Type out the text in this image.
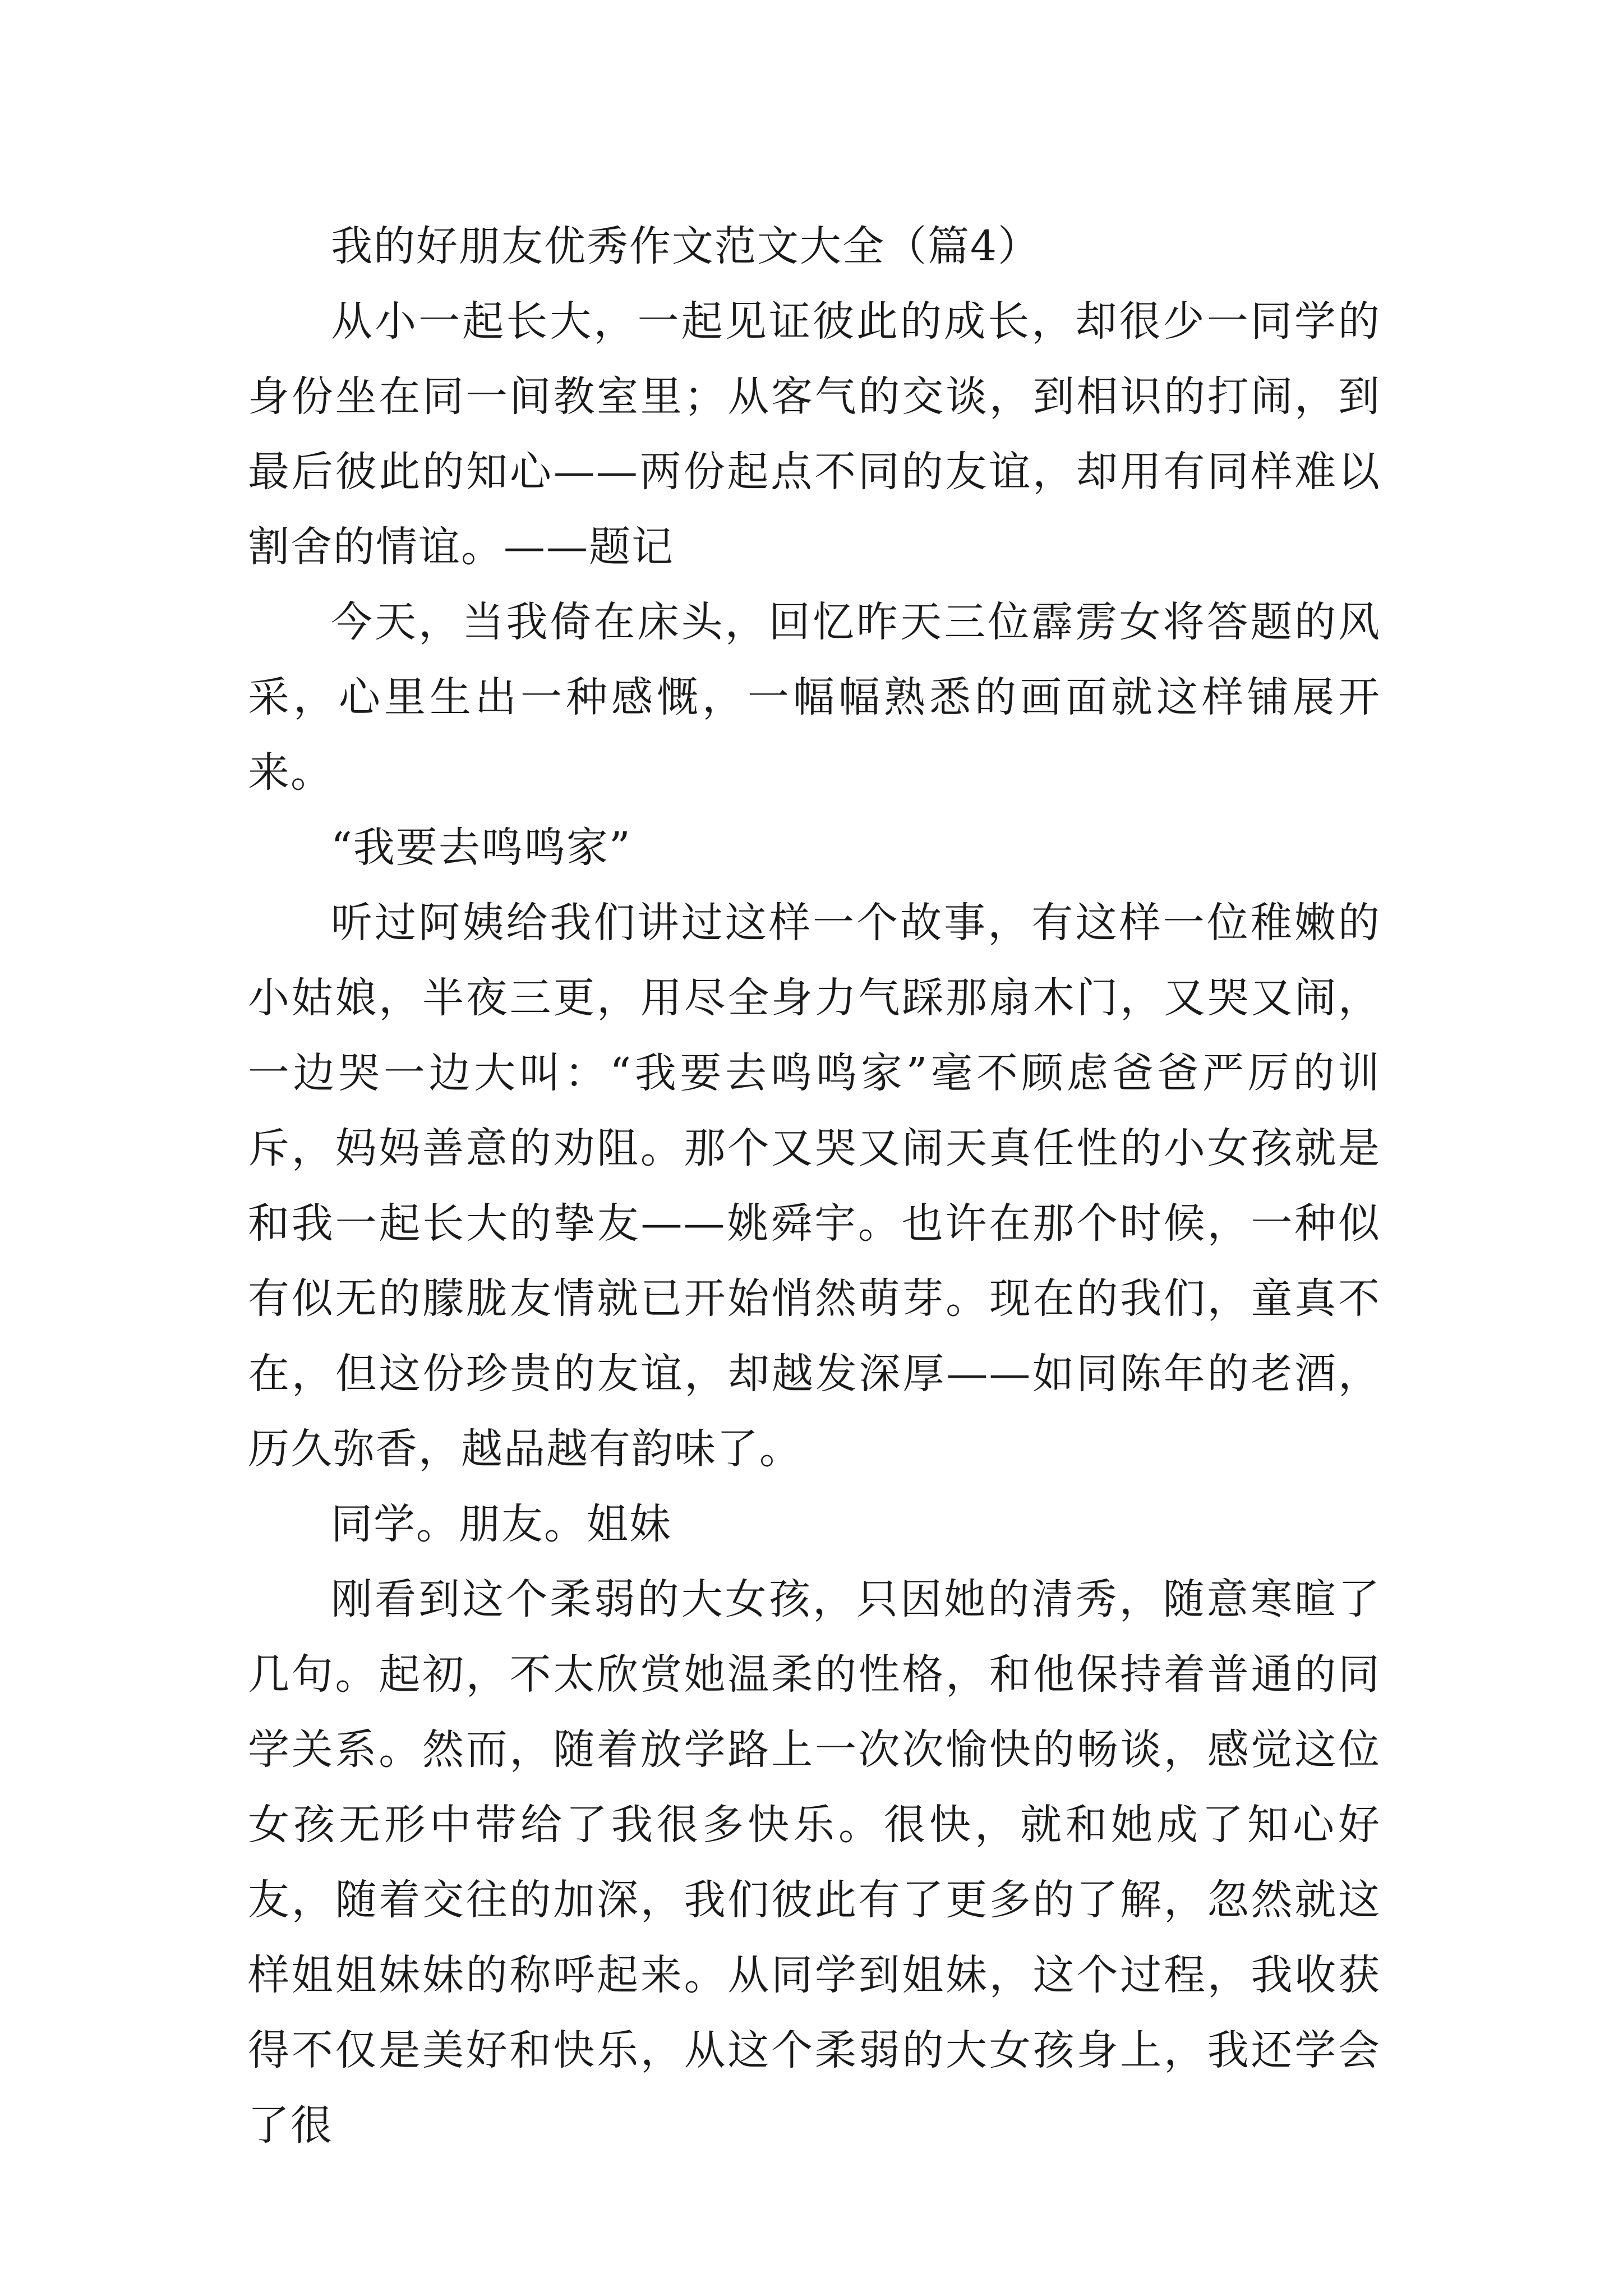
我的好朋友优秀作文范文大全（篇4）

从小一起长大，一起见证彼此的成长，却很少一同学的身份坐在同一间教室里；从客气的交谈，到相识的打闹，到最后彼此的知心——两份起点不同的友谊，却用有同样难以割舍的情谊。——题记

今天，当我倚在床头，回忆昨天三位霹雳女将答题的风采，心里生出一种感慨，一幅幅熟悉的画面就这样铺展开来。

“我要去鸣鸣家”

听过阿姨给我们讲过这样一个故事，有这样一位稚嫩的小姑娘，半夜三更，用尽全身力气踩那扇木门，又哭又闹，一边哭一边大叫：“我要去鸣鸣家”毫不顾虑爸爸严厉的训斥，妈妈善意的劝阻。那个又哭又闹天真任性的小女孩就是和我一起长大的挚友——姚舜宇。也许在那个时候，一种似有似无的朦胧友情就已开始悄然萌芽。现在的我们，童真不在，但这份珍贵的友谊，却越发深厚——如同陈年的老酒，历久弥香，越品越有韵味了。

同学。朋友。姐妹

刚看到这个柔弱的大女孩，只因她的清秀，随意寒暄了几句。起初，不太欣赏她温柔的性格，和他保持着普通的同学关系。然而，随着放学路上一次次愉快的畅谈，感觉这位女孩无形中带给了我很多快乐。很快，就和她成了知心好友，随着交往的加深，我们彼此有了更多的了解，忽然就这样姐姐妹妹的称呼起来。从同学到姐妹，这个过程，我收获得不仅是美好和快乐，从这个柔弱的大女孩身上，我还学会了很
